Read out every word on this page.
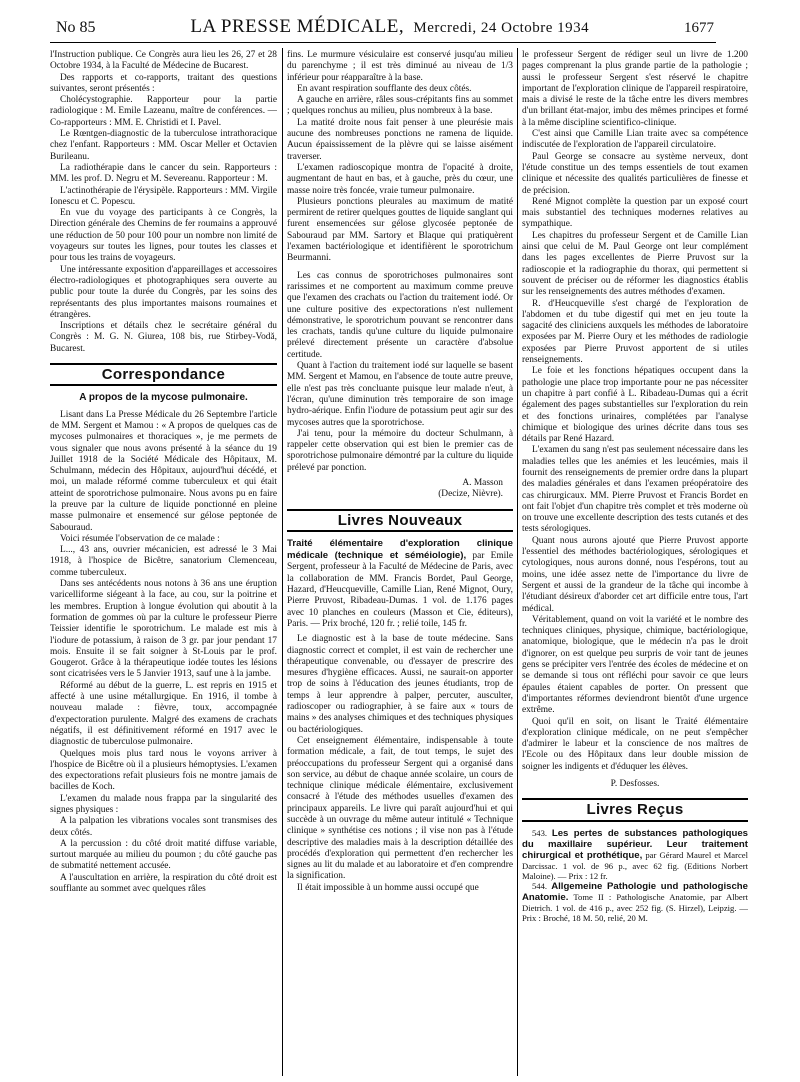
No 85	LA PRESSE MÉDICALE, Mercredi, 24 Octobre 1934	1677

l'Instruction publique. Ce Congrès aura lieu les 26, 27 et 28 Octobre 1934, à la Faculté de Médecine de Bucarest.

Des rapports et co-rapports, traitant des questions suivantes, seront présentés :

Cholécystographie. Rapporteur pour la partie radiologique : M. Emile Lazeanu, maître de conférences. — Co-rapporteurs : MM. E. Christidi et I. Pavel.

Le Rœntgen-diagnostic de la tuberculose intrathoracique chez l'enfant. Rapporteurs : MM. Oscar Meller et Octavien Burileanu.

La radiothérapie dans le cancer du sein. Rapporteurs : MM. les prof. D. Negru et M. Severeanu. Rapporteur : M.

L'actinothérapie de l'érysipèle. Rapporteurs : MM. Virgile Ionescu et C. Popescu.

En vue du voyage des participants à ce Congrès, la Direction générale des Chemins de fer roumains a approuvé une réduction de 50 pour 100 pour un nombre non limité de voyageurs sur toutes les lignes, pour toutes les classes et pour tous les trains de voyageurs.

Une intéressante exposition d'appareillages et accessoires électro-radiologiques et photographiques sera ouverte au public pour toute la durée du Congrès, par les soins des représentants des plus importantes maisons roumaines et étrangères.

Inscriptions et détails chez le secrétaire général du Congrès : M. G. N. Giurea, 108 bis, rue Stirbey-Vodă, Bucarest.

Correspondance
A propos de la mycose pulmonaire.

Lisant dans La Presse Médicale du 26 Septembre l'article de MM. Sergent et Mamou : « A propos de quelques cas de mycoses pulmonaires et thoraciques », je me permets de vous signaler que nous avons présenté à la séance du 19 Juillet 1918 de la Société Médicale des Hôpitaux, M. Schulmann, médecin des Hôpitaux, aujourd'hui décédé, et moi, un malade réformé comme tuberculeux et qui était atteint de sporotrichose pulmonaire. Nous avons pu en faire la preuve par la culture de liquide ponctionné en pleine masse pulmonaire et ensemencé sur gélose peptonée de Sabouraud.

Voici résumée l'observation de ce malade :

L..., 43 ans, ouvrier mécanicien, est adressé le 3 Mai 1918, à l'hospice de Bicêtre, sanatorium Clemenceau, comme tuberculeux.

Dans ses antécédents nous notons à 36 ans une éruption varicelliforme siégeant à la face, au cou, sur la poitrine et les membres. Eruption à longue évolution qui aboutit à la formation de gommes où par la culture le professeur Pierre Teissier identifie le sporotrichum. Le malade est mis à l'iodure de potassium, à raison de 3 gr. par jour pendant 17 mois. Ensuite il se fait soigner à St-Louis par le prof. Gougerot. Grâce à la thérapeutique iodée toutes les lésions sont cicatrisées vers le 5 Janvier 1913, sauf une à la jambe.

Réformé au début de la guerre, L. est repris en 1915 et affecté à une usine métallurgique. En 1916, il tombe à nouveau malade : fièvre, toux, accompagnée d'expectoration purulente. Malgré des examens de crachats négatifs, il est définitivement réformé en 1917 avec le diagnostic de tuberculose pulmonaire.

Quelques mois plus tard nous le voyons arriver à l'hospice de Bicêtre où il a plusieurs hémoptysies. L'examen des expectorations refait plusieurs fois ne montre jamais de bacilles de Koch.

L'examen du malade nous frappa par la singularité des signes physiques :

A la palpation les vibrations vocales sont transmises des deux côtés.

A la percussion : du côté droit matité diffuse variable, surtout marquée au milieu du poumon ; du côté gauche pas de submatité nettement accusée.

A l'auscultation en arrière, la respiration du côté droit est soufflante au sommet avec quelques râles

fins. Le murmure vésiculaire est conservé jusqu'au milieu du parenchyme ; il est très diminué au niveau de 1/3 inférieur pour réapparaître à la base.

En avant respiration soufflante des deux côtés.

A gauche en arrière, râles sous-crépitants fins au sommet ; quelques ronchus au milieu, plus nombreux à la base.

La matité droite nous fait penser à une pleurésie mais aucune des nombreuses ponctions ne ramena de liquide. Aucun épaississement de la plèvre qui se laisse aisément traverser.

L'examen radioscopique montra de l'opacité à droite, augmentant de haut en bas, et à gauche, près du cœur, une masse noire très foncée, vraie tumeur pulmonaire.

Plusieurs ponctions pleurales au maximum de matité permirent de retirer quelques gouttes de liquide sanglant qui furent ensemencées sur gélose glycosée peptonée de Sabouraud par MM. Sartory et Blaque qui pratiquèrent l'examen bactériologique et identifièrent le sporotrichum Beurmanni.

Les cas connus de sporotrichoses pulmonaires sont rarissimes et ne comportent au maximum comme preuve que l'examen des crachats ou l'action du traitement iodé. Or une culture positive des expectorations n'est nullement démonstrative, le sporotrichum pouvant se rencontrer dans les crachats, tandis qu'une culture du liquide pulmonaire prélevé directement présente un caractère d'absolue certitude.

Quant à l'action du traitement iodé sur laquelle se basent MM. Sergent et Mamou, en l'absence de toute autre preuve, elle n'est pas très concluante puisque leur malade n'eut, à l'écran, qu'une diminution très temporaire de son image hydro-aérique. Enfin l'iodure de potassium peut agir sur des mycoses autres que la sporotrichose.

J'ai tenu, pour la mémoire du docteur Schulmann, à rappeler cette observation qui est bien le premier cas de sporotrichose pulmonaire démontré par la culture du liquide prélevé par ponction.

A. Masson
(Decize, Nièvre).
Livres Nouveaux

Traité élémentaire d'exploration clinique médicale (technique et séméiologie), par Emile Sergent, professeur à la Faculté de Médecine de Paris, avec la collaboration de MM. Francis Bordet, Paul George, Hazard, d'Heucqueville, Camille Lian, René Mignot, Oury, Pierre Pruvost, Ribadeau-Dumas. 1 vol. de 1.176 pages avec 10 planches en couleurs (Masson et Cie, éditeurs), Paris. — Prix broché, 120 fr. ; relié toile, 145 fr.

Le diagnostic est à la base de toute médecine. Sans diagnostic correct et complet, il est vain de rechercher une thérapeutique convenable, ou d'essayer de prescrire des mesures d'hygiène efficaces. Aussi, ne saurait-on apporter trop de soins à l'éducation des jeunes étudiants, trop de temps à leur apprendre à palper, percuter, ausculter, radioscoper ou radiographier, à se faire aux « tours de mains » des analyses chimiques et des techniques physiques ou bactériologiques.

Cet enseignement élémentaire, indispensable à toute formation médicale, a fait, de tout temps, le sujet des préoccupations du professeur Sergent qui a organisé dans son service, au début de chaque année scolaire, un cours de technique clinique médicale élémentaire, exclusivement consacré à l'étude des méthodes usuelles d'examen des principaux appareils. Le livre qui paraît aujourd'hui et qui succède à un ouvrage du même auteur intitulé « Technique clinique » synthétise ces notions ; il vise non pas à l'étude descriptive des maladies mais à la description détaillée des procédés d'exploration qui permettent d'en rechercher les signes au lit du malade et au laboratoire et d'en comprendre la signification.

Il était impossible à un homme aussi occupé que

le professeur Sergent de rédiger seul un livre de 1.200 pages comprenant la plus grande partie de la pathologie ; aussi le professeur Sergent s'est réservé le chapitre important de l'exploration clinique de l'appareil respiratoire, mais a divisé le reste de la tâche entre les divers membres d'un brillant état-major, imbu des mêmes principes et formé à la même discipline scientifico-clinique.

C'est ainsi que Camille Lian traite avec sa compétence indiscutée de l'exploration de l'appareil circulatoire.

Paul George se consacre au système nerveux, dont l'étude constitue un des temps essentiels de tout examen clinique et nécessite des qualités particulières de finesse et de précision.

René Mignot complète la question par un exposé court mais substantiel des techniques modernes relatives au sympathique.

Les chapitres du professeur Sergent et de Camille Lian ainsi que celui de M. Paul George ont leur complément dans les pages excellentes de Pierre Pruvost sur la radioscopie et la radiographie du thorax, qui permettent si souvent de préciser ou de réformer les diagnostics établis sur les renseignements des autres méthodes d'examen.

R. d'Heucqueville s'est chargé de l'exploration de l'abdomen et du tube digestif qui met en jeu toute la sagacité des cliniciens auxquels les méthodes de laboratoire exposées par M. Pierre Oury et les méthodes de radiologie exposées par Pierre Pruvost apportent de si utiles renseignements.

Le foie et les fonctions hépatiques occupent dans la pathologie une place trop importante pour ne pas nécessiter un chapitre à part confié à L. Ribadeau-Dumas qui a écrit également des pages substantielles sur l'exploration du rein et des fonctions urinaires, complétées par l'analyse chimique et biologique des urines décrite dans tous ses détails par René Hazard.

L'examen du sang n'est pas seulement nécessaire dans les maladies telles que les anémies et les leucémies, mais il fournit des renseignements de premier ordre dans la plupart des maladies générales et dans l'examen préopératoire des cas chirurgicaux. MM. Pierre Pruvost et Francis Bordet en ont fait l'objet d'un chapitre très complet et très moderne où on trouve une excellente description des tests cutanés et des tests sérologiques.

Quant nous aurons ajouté que Pierre Pruvost apporte l'essentiel des méthodes bactériologiques, sérologiques et cytologiques, nous aurons donné, nous l'espérons, tout au moins, une idée assez nette de l'importance du livre de Sergent et aussi de la grandeur de la tâche qui incombe à l'étudiant désireux d'aborder cet art difficile entre tous, l'art médical.

Véritablement, quand on voit la variété et le nombre des techniques cliniques, physique, chimique, bactériologique, anatomique, biologique, que le médecin n'a pas le droit d'ignorer, on est quelque peu surpris de voir tant de jeunes gens se précipiter vers l'entrée des écoles de médecine et on se demande si tous ont réfléchi pour savoir ce que leurs épaules étaient capables de porter. On pressent que d'importantes réformes deviendront bientôt d'une urgence extrême.

Quoi qu'il en soit, on lisant le Traité élémentaire d'exploration clinique médicale, on ne peut s'empêcher d'admirer le labeur et la conscience de nos maîtres de l'Ecole ou des Hôpitaux dans leur double mission de soigner les indigents et d'éduquer les élèves.

P. Desfosses.
Livres Reçus

543. Les pertes de substances pathologiques du maxillaire supérieur. Leur traitement chirurgical et prothétique, par Gérard Maurel et Marcel Darcissac. 1 vol. de 96 p., avec 62 fig. (Editions Norbert Maloine). — Prix : 12 fr.

544. Allgemeine Pathologie und pathologische Anatomie. Tome II : Pathologische Anatomie, par Albert Dietrich. 1 vol. de 416 p., avec 252 fig. (S. Hirzel), Leipzig. — Prix : Broché, 18 M. 50, relié, 20 M.
